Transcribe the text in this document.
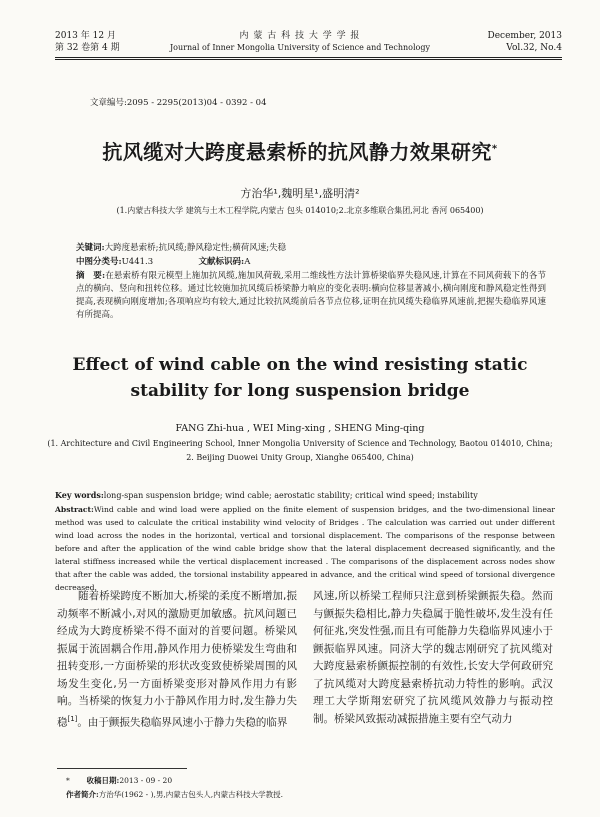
2013 年 12 月
第 32 卷第 4 期
内 蒙 古 科 技 大 学 学 报
Journal of Inner Mongolia University of Science and Technology
December, 2013
Vol.32, No.4
文章编号:2095 - 2295(2013)04 - 0392 - 04
抗风缆对大跨度悬索桥的抗风静力效果研究*
方治华¹,魏明星¹,盛明清²
(1.内蒙古科技大学 建筑与土木工程学院,内蒙古 包头 014010;2.北京多维联合集团,河北 香河 065400)
关键词:大跨度悬索桥;抗风缆;静风稳定性;横荷风速;失稳
中图分类号:U441.3	文献标识码:A
摘　要:在悬索桥有限元模型上施加抗风缆,施加风荷载,采用二维线性方法计算桥梁临界失稳风速,计算在不同风荷载下的各节点的横向、竖向和扭转位移。通过比较施加抗风缆后桥梁静力响应的变化表明:横向位移显著减小,横向刚度和静风稳定性得到提高,表现横向刚度增加;各项响应均有较大,通过比较抗风缆前后各节点位移,证明在抗风缆失稳临界风速前,把握失稳临界风速有所提高。
Effect of wind cable on the wind resisting static
stability for long suspension bridge
FANG Zhi-hua , WEI Ming-xing , SHENG Ming-qing
(1. Architecture and Civil Engineering School, Inner Mongolia University of Science and Technology, Baotou 014010, China;
2. Beijing Duowei Unity Group, Xianghe 065400, China)
Key words:long-span suspension bridge; wind cable; aerostatic stability; critical wind speed; instability
Abstract:Wind cable and wind load were applied on the finite element of suspension bridges, and the two-dimensional linear method was used to calculate the critical instability wind velocity of Bridges . The calculation was carried out under different wind load across the nodes in the horizontal, vertical and torsional displacement. The comparisons of the response between before and after the application of the wind cable bridge show that the lateral displacement decreased significantly, and the lateral stiffness increased while the vertical displacement increased . The comparisons of the displacement across nodes show that after the cable was added, the torsional instability appeared in advance, and the critical wind speed of torsional divergence decreased.
随着桥梁跨度不断加大,桥梁的柔度不断增加,振动频率不断减小,对风的激励更加敏感。抗风问题已经成为大跨度桥梁不得不面对的首要问题。桥梁风振属于流固耦合作用,静风作用力使桥梁发生弯曲和扭转变形,一方面桥梁的形状改变致使桥梁周围的风场发生变化,另一方面桥梁变形对静风作用力有影响。当桥梁的恢复力小于静风作用力时,发生静力失稳[1]。由于颤振失稳临界风速小于静力失稳的临界
风速,所以桥梁工程师只注意到桥梁颤振失稳。然而与颤振失稳相比,静力失稳属于脆性破坏,发生没有任何征兆,突发性强,而且有可能静力失稳临界风速小于颤振临界风速。同济大学的魏志刚研究了抗风缆对大跨度悬索桥颤振控制的有效性,长安大学何政研究了抗风缆对大跨度悬索桥抗动力特性的影响。武汉理工大学斯翔宏研究了抗风缆风效静力与振动控制。桥梁风致振动减振措施主要有空气动力
* 收稿日期:2013 - 09 - 20
作者简介:方治华(1962 - ),男,内蒙古包头人,内蒙古科技大学教授.
